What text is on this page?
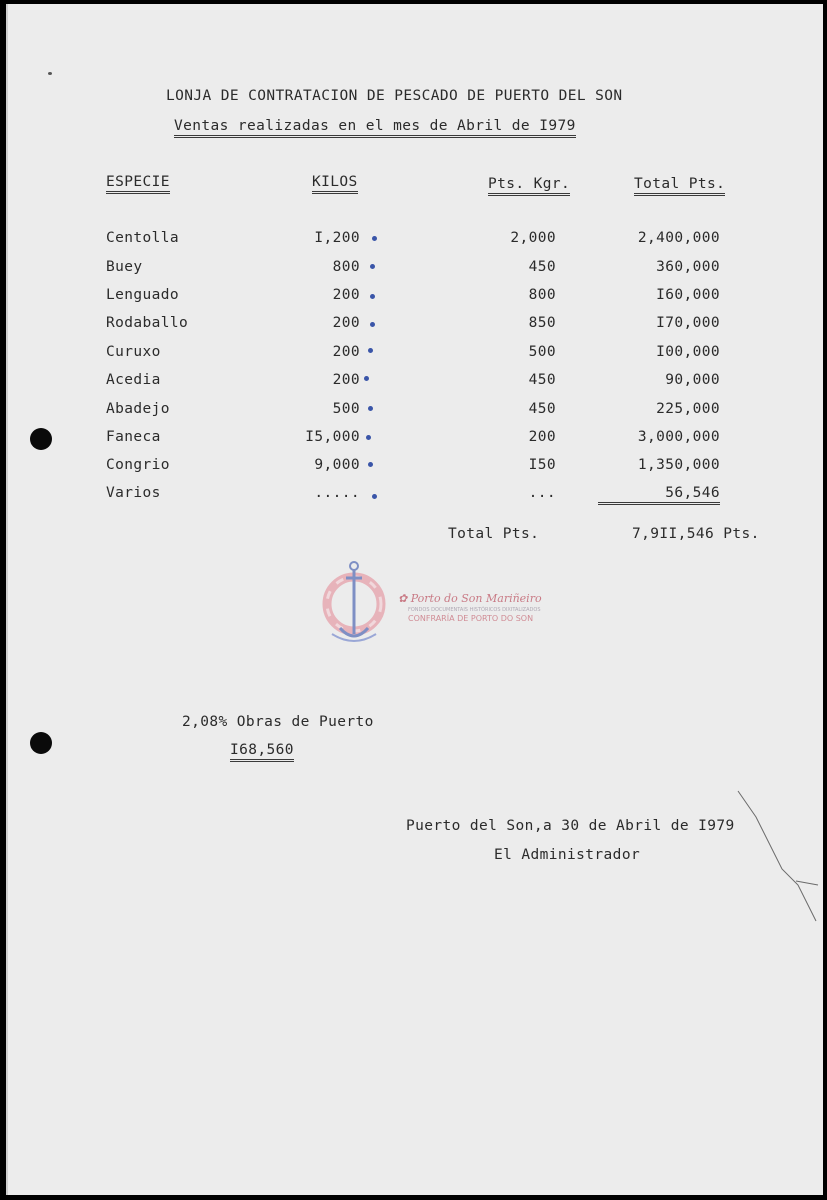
LONJA DE CONTRATACION DE PESCADO DE PUERTO DEL SON
Ventas realizadas en el mes de Abril de I979
ESPECIE	KILOS	Pts. Kgr.	Total Pts.
Centolla	I,200	2,000	2,400,000
Buey	800	450	360,000
Lenguado	200	800	I60,000
Rodaballo	200	850	I70,000
Curuxo	200	500	I00,000
Acedia	200	450	90,000
Abadejo	500	450	225,000
Faneca	I5,000	200	3,000,000
Congrio	9,000	I50	1,350,000
Varios	.....	...	56,546
Total Pts.	7,9II,546 Pts.
✿ Porto do Son Mariñeiro
FONDOS DOCUMENTAIS HISTÓRICOS DIXITALIZADOS
CONFRARÍA DE PORTO DO SON
2,08% Obras de Puerto
I68,560
Puerto del Son,a 30 de Abril de I979
El Administrador
